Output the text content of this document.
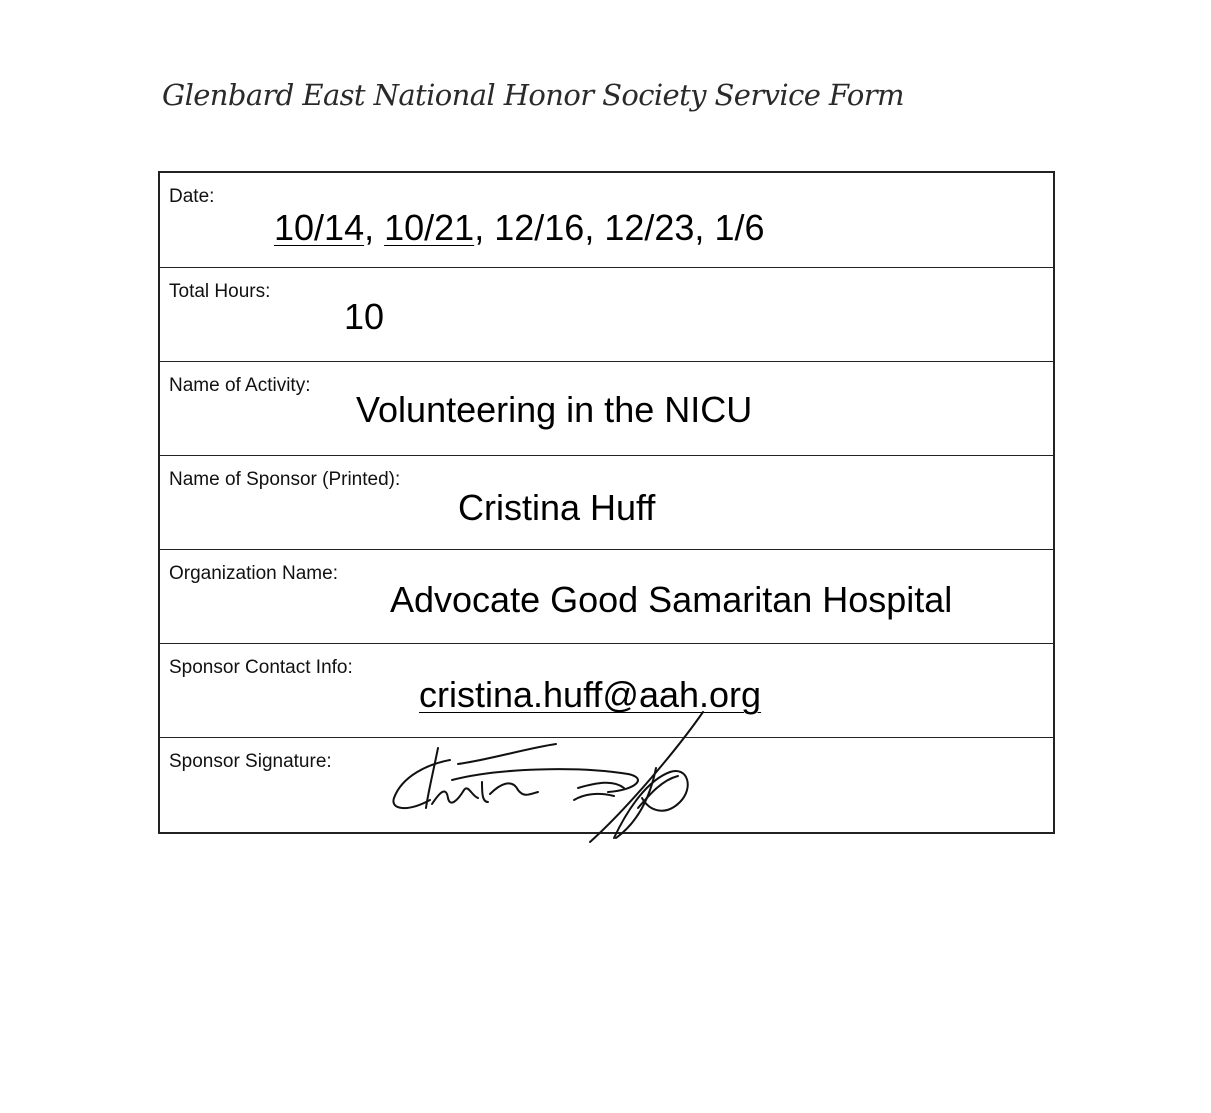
Glenbard East National Honor Society Service Form
Date:
10/14, 10/21, 12/16, 12/23, 1/6
Total Hours:
10
Name of Activity:
Volunteering in the NICU
Name of Sponsor (Printed):
Cristina Huff
Organization Name:
Advocate Good Samaritan Hospital
Sponsor Contact Info:
cristina.huff@aah.org
Sponsor Signature:
